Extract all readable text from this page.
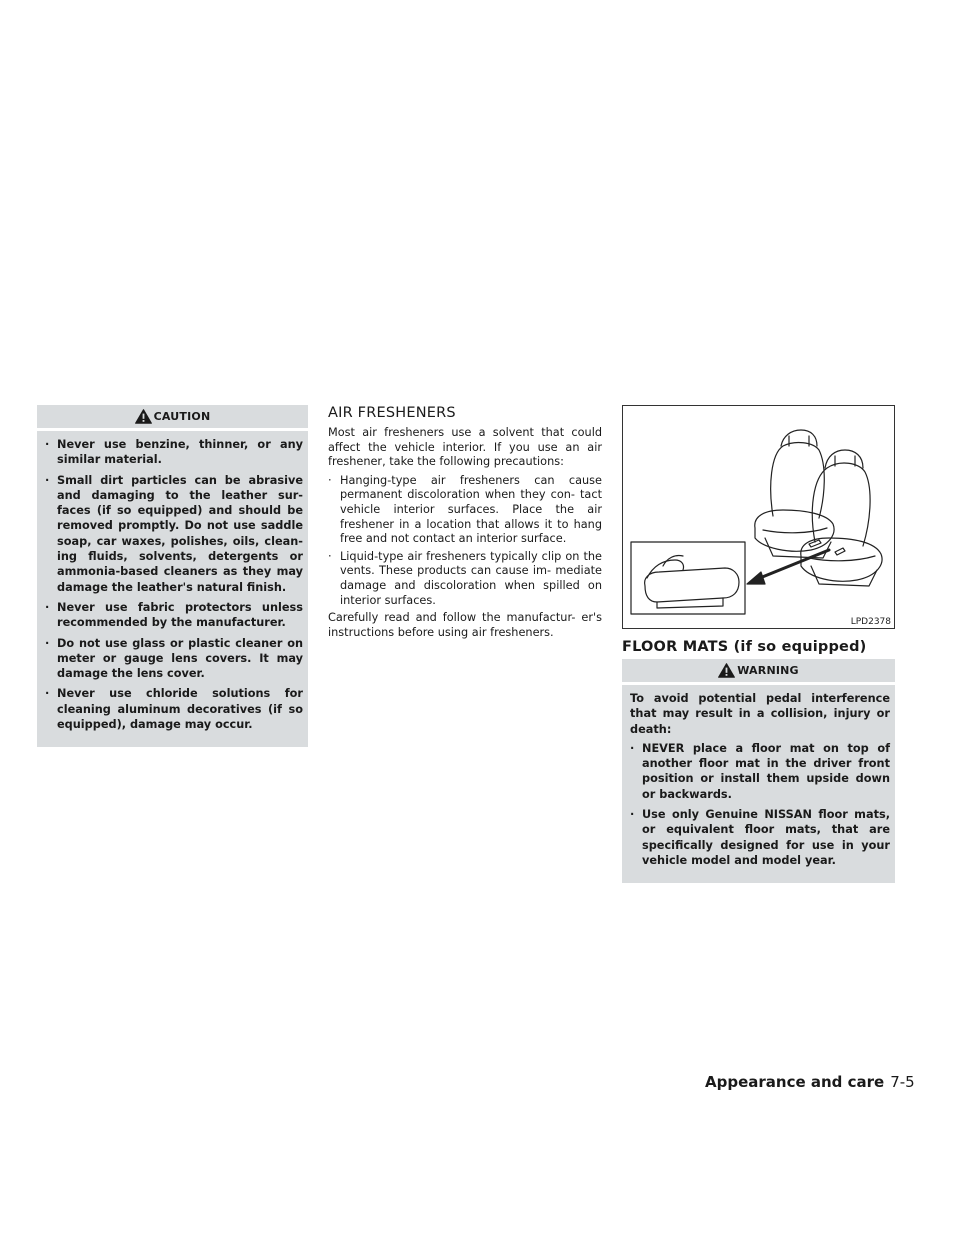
CAUTION
· Never use benzine, thinner, or any similar material.
· Small dirt particles can be abrasive and damaging to the leather sur- faces (if so equipped) and should be removed promptly. Do not use saddle soap, car waxes, polishes, oils, clean- ing fluids, solvents, detergents or ammonia-based cleaners as they may damage the leather's natural finish.
· Never use fabric protectors unless recommended by the manufacturer.
· Do not use glass or plastic cleaner on meter or gauge lens covers. It may damage the lens cover.
· Never use chloride solutions for cleaning aluminum decoratives (if so equipped), damage may occur.
AIR FRESHENERS

Most air fresheners use a solvent that could affect the vehicle interior. If you use an air freshener, take the following precautions:

· Hanging-type air fresheners can cause permanent discoloration when they con- tact vehicle interior surfaces. Place the air freshener in a location that allows it to hang free and not contact an interior surface.
· Liquid-type air fresheners typically clip on the vents. These products can cause im- mediate damage and discoloration when spilled on interior surfaces.

Carefully read and follow the manufactur- er's instructions before using air fresheners.

LPD2378
FLOOR MATS (if so equipped)
WARNING

To avoid potential pedal interference that may result in a collision, injury or death:

· NEVER place a floor mat on top of another floor mat in the driver front position or install them upside down or backwards.
· Use only Genuine NISSAN floor mats, or equivalent floor mats, that are specifically designed for use in your vehicle model and model year.
Appearance and care 7-5
